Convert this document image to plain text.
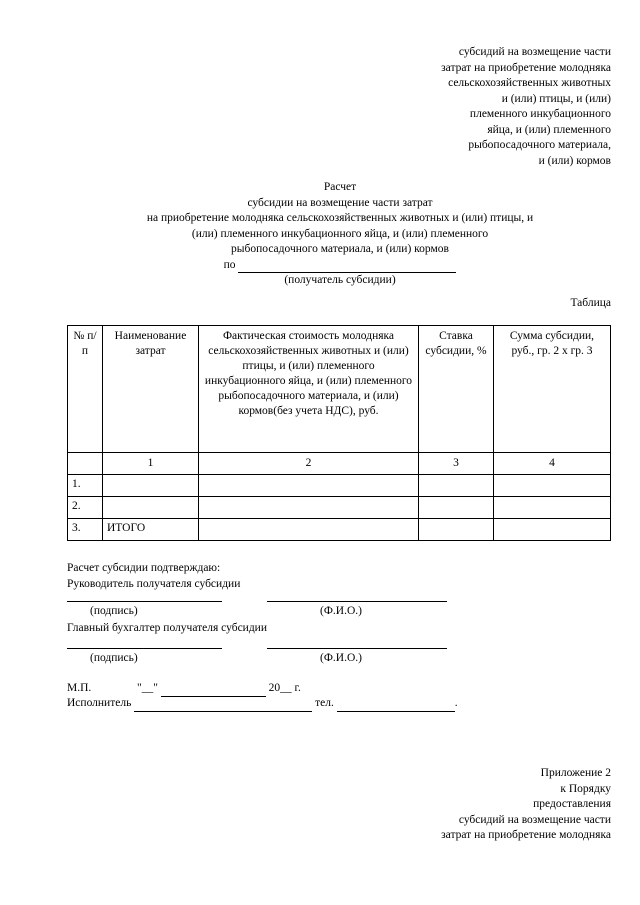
субсидий на возмещение части
затрат на приобретение молодняка
сельскохозяйственных животных
и (или) птицы, и (или)
племенного инкубационного
яйца, и (или) племенного
рыбопосадочного материала,
и (или) кормов
Расчет
субсидии на возмещение части затрат
на приобретение молодняка сельскохозяйственных животных и (или) птицы, и
(или) племенного инкубационного яйца, и (или) племенного
рыбопосадочного материала, и (или) кормов
по
(получатель субсидии)
Таблица
№ п/п	Наименование затрат	Фактическая стоимость молодняка сельскохозяйственных животных и (или) птицы, и (или) племенного инкубационного яйца, и (или) племенного рыбопосадочного материала, и (или) кормов(без учета НДС), руб.	Ставка субсидии, %	Сумма субсидии, руб., гр. 2 х гр. 3
	1	2	3	4
1.				
2.				
3.	ИТОГО			
Расчет субсидии подтверждаю:
Руководитель получателя субсидии
(подпись)	(Ф.И.О.)
Главный бухгалтер получателя субсидии
(подпись)	(Ф.И.О.)
М.П.	"__"	20__ г.
Исполнитель	тел.	.
Приложение 2
к Порядку
предоставления
субсидий на возмещение части
затрат на приобретение молодняка
